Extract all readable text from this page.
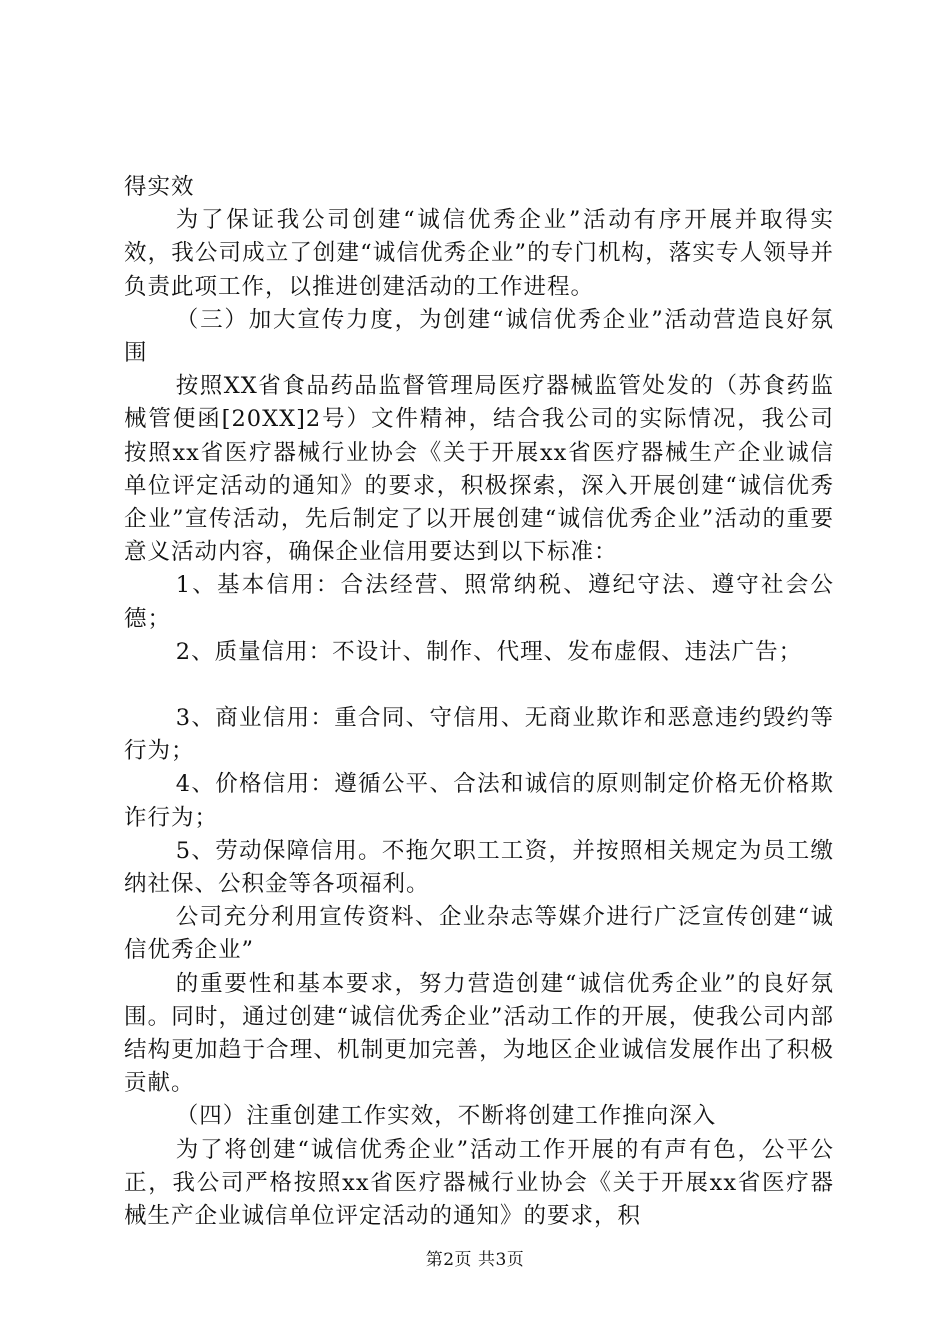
得实效

为了保证我公司创建“诚信优秀企业”活动有序开展并取得实效，我公司成立了创建“诚信优秀企业”的专门机构，落实专人领导并负责此项工作，以推进创建活动的工作进程。

（三）加大宣传力度，为创建“诚信优秀企业”活动营造良好氛围

按照XX省食品药品监督管理局医疗器械监管处发的（苏食药监械管便函[20XX]2号）文件精神，结合我公司的实际情况，我公司按照xx省医疗器械行业协会《关于开展xx省医疗器械生产企业诚信单位评定活动的通知》的要求，积极探索，深入开展创建“诚信优秀企业”宣传活动，先后制定了以开展创建“诚信优秀企业”活动的重要意义活动内容，确保企业信用要达到以下标准：

1、基本信用：合法经营、照常纳税、遵纪守法、遵守社会公德；

2、质量信用：不设计、制作、代理、发布虚假、违法广告；

3、商业信用：重合同、守信用、无商业欺诈和恶意违约毁约等行为；

4、价格信用：遵循公平、合法和诚信的原则制定价格无价格欺诈行为；

5、劳动保障信用。不拖欠职工工资，并按照相关规定为员工缴纳社保、公积金等各项福利。

公司充分利用宣传资料、企业杂志等媒介进行广泛宣传创建“诚信优秀企业”

的重要性和基本要求，努力营造创建“诚信优秀企业”的良好氛围。同时，通过创建“诚信优秀企业”活动工作的开展，使我公司内部结构更加趋于合理、机制更加完善，为地区企业诚信发展作出了积极贡献。

（四）注重创建工作实效，不断将创建工作推向深入

为了将创建“诚信优秀企业”活动工作开展的有声有色，公平公正，我公司严格按照xx省医疗器械行业协会《关于开展xx省医疗器械生产企业诚信单位评定活动的通知》的要求，积

第2页 共3页
